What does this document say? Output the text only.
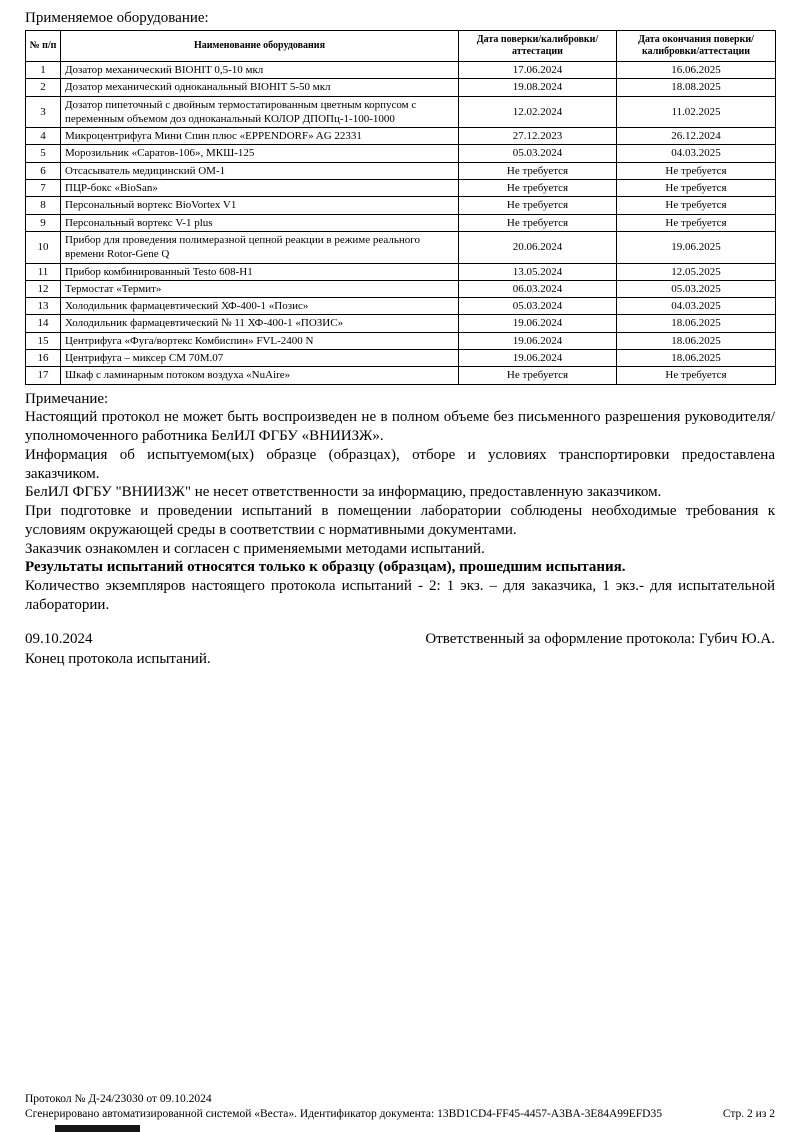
Применяемое оборудование:
№ п/п	Наименование оборудования	Дата поверки/калибровки/аттестации	Дата окончания поверки/калибровки/аттестации
1	Дозатор механический BIOHIT 0,5-10 мкл	17.06.2024	16.06.2025
2	Дозатор механический одноканальный BIOHIT 5-50 мкл	19.08.2024	18.08.2025
3	Дозатор пипеточный с двойным термостатированным цветным корпусом с переменным объемом доз одноканальный КОЛОР ДПОПц-1-100-1000	12.02.2024	11.02.2025
4	Микроцентрифуга Мини Спин плюс «EPPENDORF» AG 22331	27.12.2023	26.12.2024
5	Морозильник «Саратов-106», МКШ-125	05.03.2024	04.03.2025
6	Отсасыватель медицинский ОМ-1	Не требуется	Не требуется
7	ПЦР-бокс «BioSan»	Не требуется	Не требуется
8	Персональный вортекс BioVortex V1	Не требуется	Не требуется
9	Персональный вортекс V-1 plus	Не требуется	Не требуется
10	Прибор для проведения полимеразной цепной реакции в режиме реального времени Rotor-Gene Q	20.06.2024	19.06.2025
11	Прибор комбинированный Testo 608-H1	13.05.2024	12.05.2025
12	Термостат «Термит»	06.03.2024	05.03.2025
13	Холодильник фармацевтический ХФ-400-1 «Позис»	05.03.2024	04.03.2025
14	Холодильник фармацевтический № 11 ХФ-400-1 «ПОЗИС»	19.06.2024	18.06.2025
15	Центрифуга «Фуга/вортекс Комбиспин» FVL-2400 N	19.06.2024	18.06.2025
16	Центрифуга – миксер СМ 70М.07	19.06.2024	18.06.2025
17	Шкаф с ламинарным потоком воздуха «NuAire»	Не требуется	Не требуется

Примечание:

Настоящий протокол не может быть воспроизведен не в полном объеме без письменного разрешения руководителя/уполномоченного работника БелИЛ ФГБУ «ВНИИЗЖ».

Информация об испытуемом(ых) образце (образцах), отборе и условиях транспортировки предоставлена заказчиком.

БелИЛ ФГБУ "ВНИИЗЖ" не несет ответственности за информацию, предоставленную заказчиком.

При подготовке и проведении испытаний в помещении лаборатории соблюдены необходимые требования к условиям окружающей среды в соответствии с нормативными документами.

Заказчик ознакомлен и согласен с применяемыми методами испытаний.

Результаты испытаний относятся только к образцу (образцам), прошедшим испытания.

Количество экземпляров настоящего протокола испытаний - 2: 1 экз. – для заказчика, 1 экз.- для испытательной лаборатории.

09.10.2024	Ответственный за оформление протокола: Губич Ю.А.
Конец протокола испытаний.
Протокол № Д-24/23030 от 09.10.2024
Сгенерировано автоматизированной системой «Веста». Идентификатор документа: 13BD1CD4-FF45-4457-A3BA-3E84A99EFD35	Стр. 2 из 2
